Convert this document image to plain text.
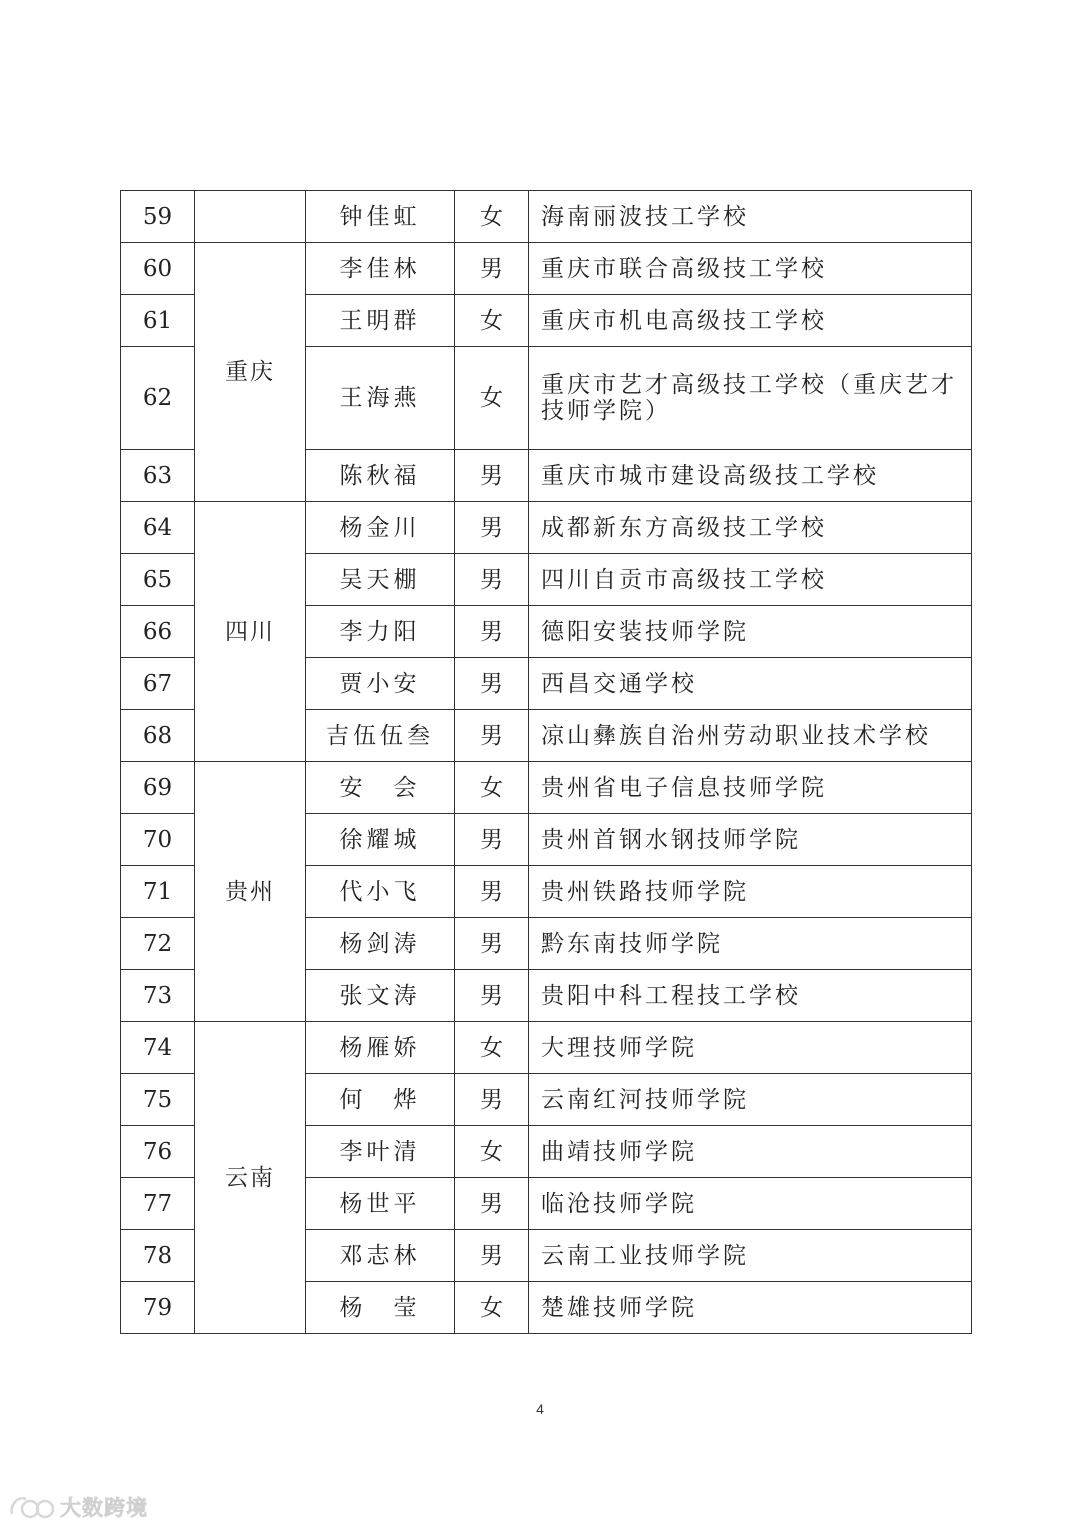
59		钟佳虹	女	海南丽波技工学校
60	重庆	李佳林	男	重庆市联合高级技工学校
61		王明群	女	重庆市机电高级技工学校
62		王海燕	女	重庆市艺才高级技工学校（重庆艺才技师学院）
63		陈秋福	男	重庆市城市建设高级技工学校
64	四川	杨金川	男	成都新东方高级技工学校
65		吴天棚	男	四川自贡市高级技工学校
66		李力阳	男	德阳安装技师学院
67		贾小安	男	西昌交通学校
68		吉伍伍叁	男	凉山彝族自治州劳动职业技术学校
69	贵州	安　会	女	贵州省电子信息技师学院
70		徐耀城	男	贵州首钢水钢技师学院
71		代小飞	男	贵州铁路技师学院
72		杨剑涛	男	黔东南技师学院
73		张文涛	男	贵阳中科工程技工学校
74	云南	杨雁娇	女	大理技师学院
75		何　烨	男	云南红河技师学院
76		李叶清	女	曲靖技师学院
77		杨世平	男	临沧技师学院
78		邓志林	男	云南工业技师学院
79		杨　莹	女	楚雄技师学院
4
大数跨境
